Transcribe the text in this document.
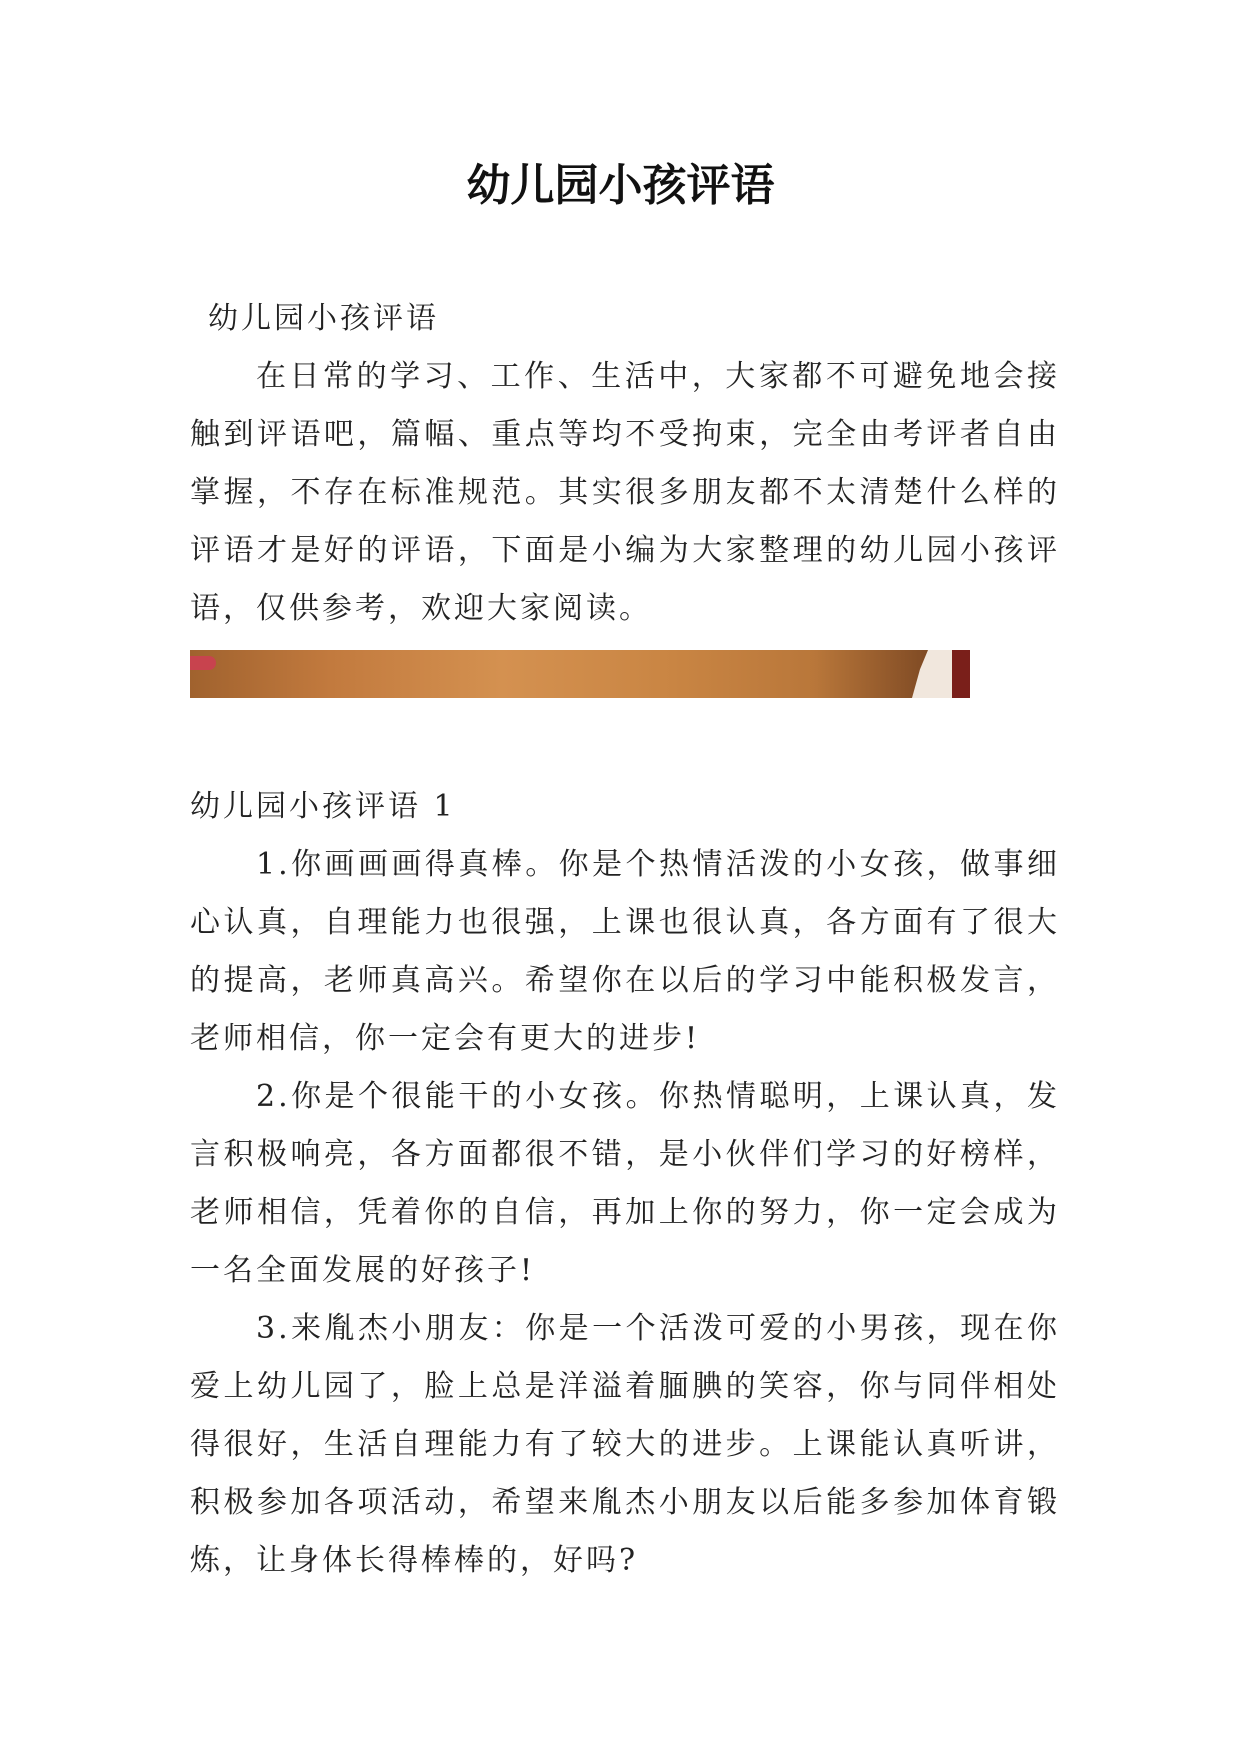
幼儿园小孩评语

幼儿园小孩评语

在日常的学习、工作、生活中，大家都不可避免地会接触到评语吧，篇幅、重点等均不受拘束，完全由考评者自由掌握，不存在标准规范。其实很多朋友都不太清楚什么样的评语才是好的评语，下面是小编为大家整理的幼儿园小孩评语，仅供参考，欢迎大家阅读。

幼儿园小孩评语 1

1.你画画画得真棒。你是个热情活泼的小女孩，做事细心认真，自理能力也很强，上课也很认真，各方面有了很大的提高，老师真高兴。希望你在以后的学习中能积极发言，老师相信，你一定会有更大的进步!

2.你是个很能干的小女孩。你热情聪明，上课认真，发言积极响亮，各方面都很不错，是小伙伴们学习的好榜样，老师相信，凭着你的自信，再加上你的努力，你一定会成为一名全面发展的好孩子!

3.来胤杰小朋友：你是一个活泼可爱的小男孩，现在你爱上幼儿园了，脸上总是洋溢着腼腆的笑容，你与同伴相处得很好，生活自理能力有了较大的进步。上课能认真听讲，积极参加各项活动，希望来胤杰小朋友以后能多参加体育锻炼，让身体长得棒棒的，好吗?
